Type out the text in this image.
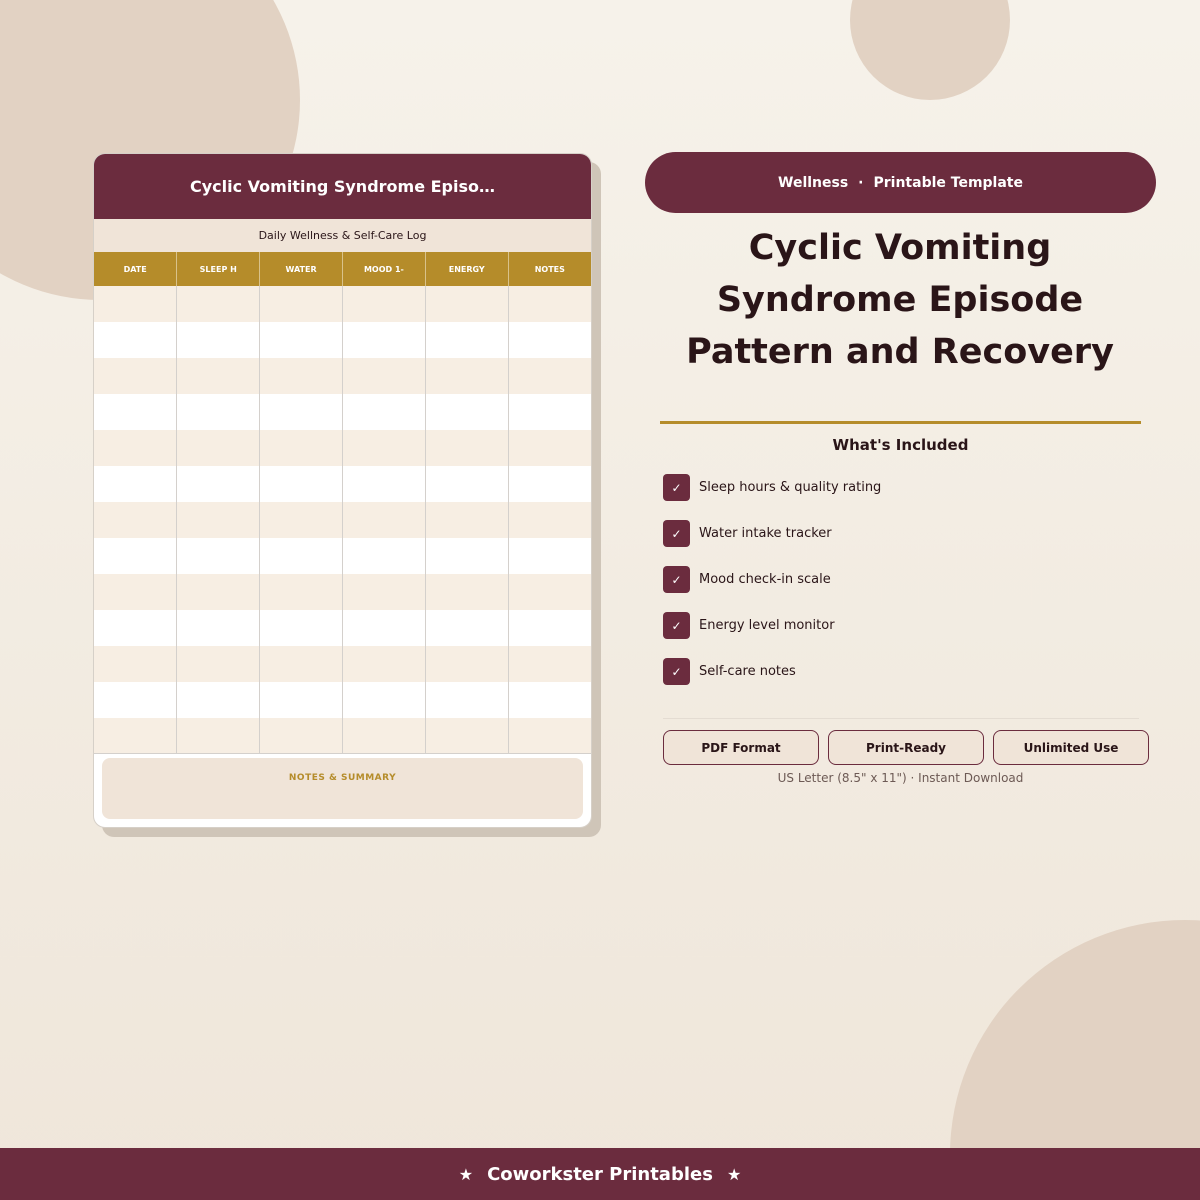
Cyclic Vomiting Syndrome Episo…
Daily Wellness & Self-Care Log
DATE	SLEEP H	WATER	MOOD 1-	ENERGY	NOTES

NOTES & SUMMARY
Wellness · Printable Template
Cyclic Vomiting
Syndrome Episode
Pattern and Recovery
What's Included
✓	Sleep hours & quality rating
✓	Water intake tracker
✓	Mood check-in scale
✓	Energy level monitor
✓	Self-care notes
PDF Format	Print-Ready	Unlimited Use
US Letter (8.5" x 11") · Instant Download
★ Coworkster Printables ★
